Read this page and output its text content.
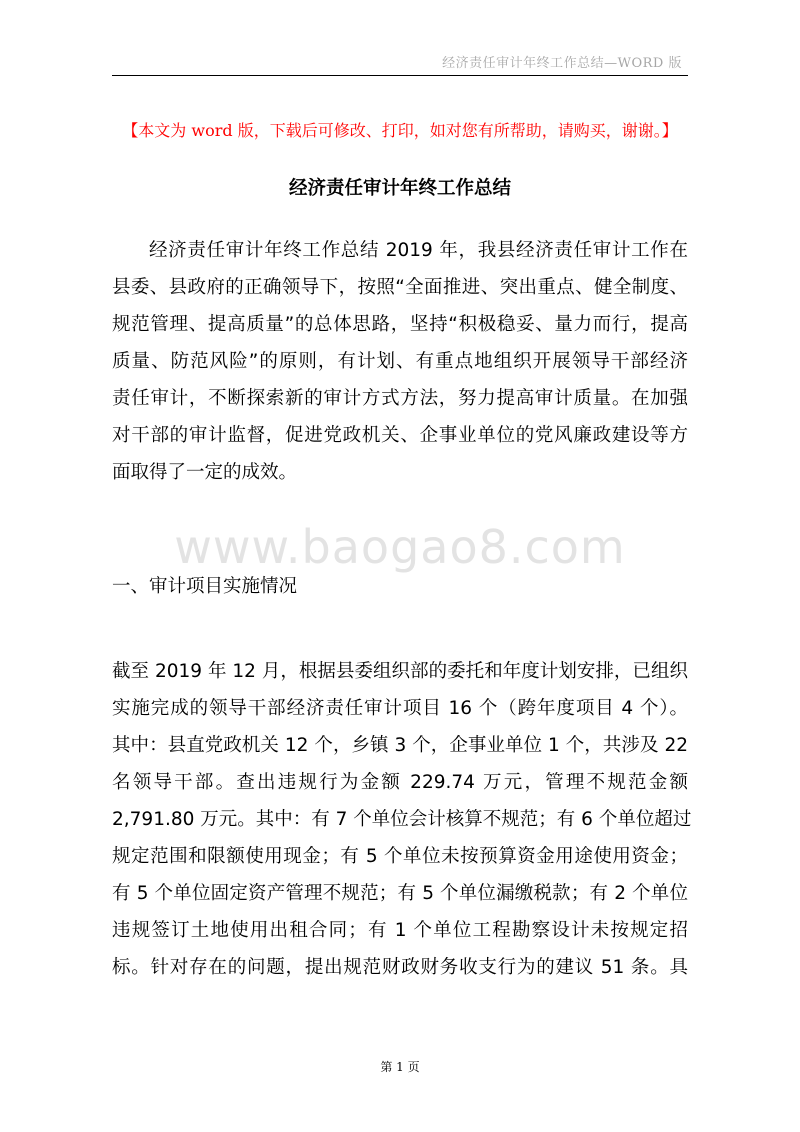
经济责任审计年终工作总结—WORD 版
【本文为 word 版，下载后可修改、打印，如对您有所帮助，请购买，谢谢。】
经济责任审计年终工作总结
经济责任审计年终工作总结 2019 年，我县经济责任审计工作在
县委、县政府的正确领导下，按照“全面推进、突出重点、健全制度、
规范管理、提高质量”的总体思路，坚持“积极稳妥、量力而行，提高
质量、防范风险”的原则，有计划、有重点地组织开展领导干部经济
责任审计，不断探索新的审计方式方法，努力提高审计质量。在加强
对干部的审计监督，促进党政机关、企事业单位的党风廉政建设等方
面取得了一定的成效。
www.baogao8.com
一、审计项目实施情况
截至 2019 年 12 月，根据县委组织部的委托和年度计划安排，已组织
实施完成的领导干部经济责任审计项目 16 个（跨年度项目 4 个）。
其中：县直党政机关 12 个，乡镇 3 个，企事业单位 1 个，共涉及 22
名领导干部。查出违规行为金额 229.74 万元，管理不规范金额
2,791.80 万元。其中：有 7 个单位会计核算不规范；有 6 个单位超过
规定范围和限额使用现金；有 5 个单位未按预算资金用途使用资金；
有 5 个单位固定资产管理不规范；有 5 个单位漏缴税款；有 2 个单位
违规签订土地使用出租合同；有 1 个单位工程勘察设计未按规定招
标。针对存在的问题，提出规范财政财务收支行为的建议 51 条。具
第 1 页
